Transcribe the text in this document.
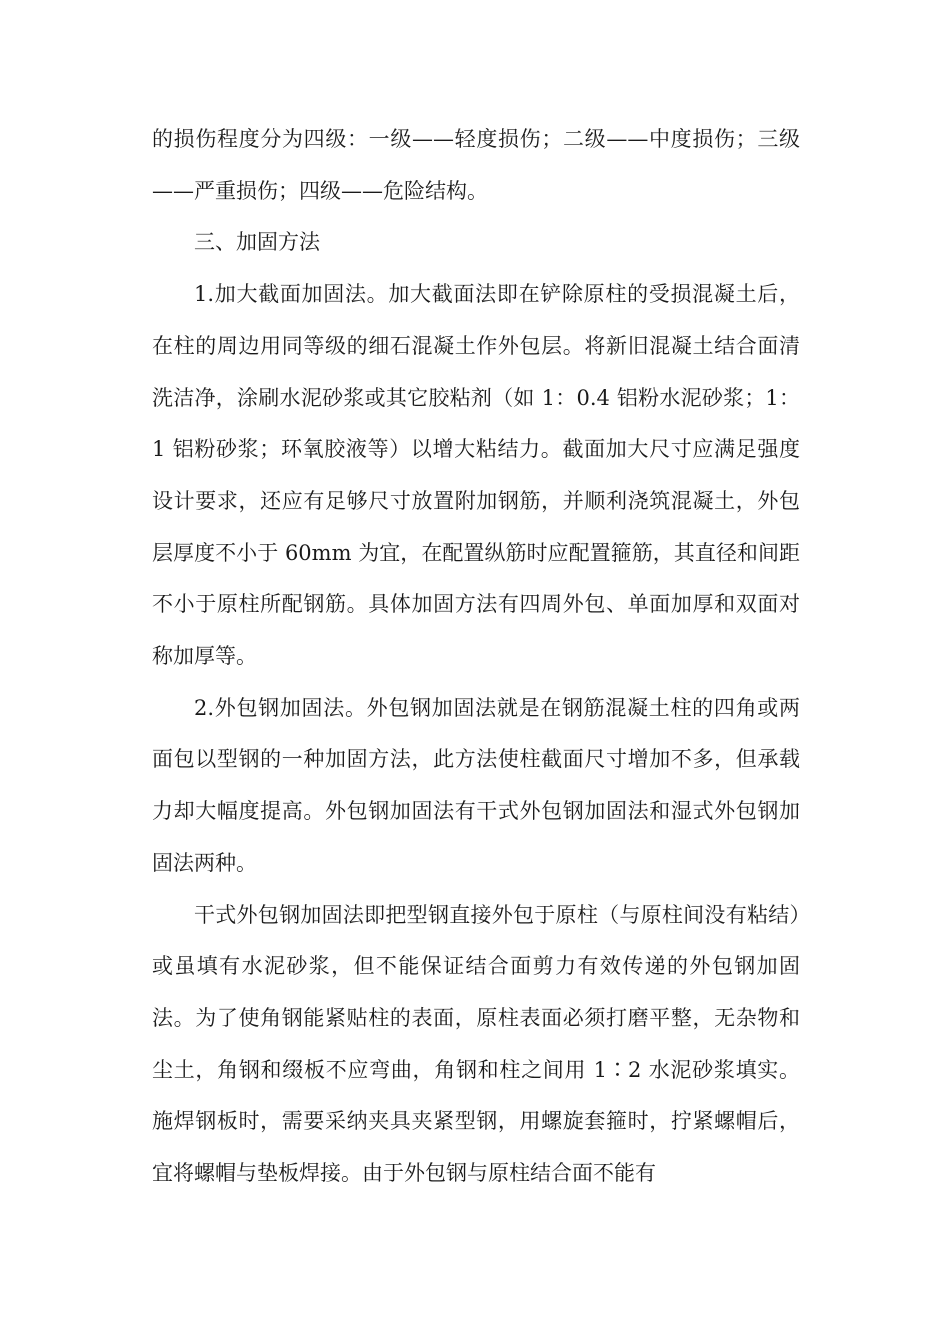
的损伤程度分为四级：一级——轻度损伤；二级——中度损伤；三级——严重损伤；四级——危险结构。

三、加固方法

1.加大截面加固法。加大截面法即在铲除原柱的受损混凝土后，在柱的周边用同等级的细石混凝土作外包层。将新旧混凝土结合面清洗洁净，涂刷水泥砂浆或其它胶粘剂（如 1：0.4 铝粉水泥砂浆；1：1 铝粉砂浆；环氧胶液等）以增大粘结力。截面加大尺寸应满足强度设计要求，还应有足够尺寸放置附加钢筋，并顺利浇筑混凝土，外包层厚度不小于 60mm 为宜，在配置纵筋时应配置箍筋，其直径和间距不小于原柱所配钢筋。具体加固方法有四周外包、单面加厚和双面对称加厚等。

2.外包钢加固法。外包钢加固法就是在钢筋混凝土柱的四角或两面包以型钢的一种加固方法，此方法使柱截面尺寸增加不多，但承载力却大幅度提高。外包钢加固法有干式外包钢加固法和湿式外包钢加固法两种。

干式外包钢加固法即把型钢直接外包于原柱（与原柱间没有粘结）或虽填有水泥砂浆，但不能保证结合面剪力有效传递的外包钢加固法。为了使角钢能紧贴柱的表面，原柱表面必须打磨平整，无杂物和尘土，角钢和缀板不应弯曲，角钢和柱之间用 1∶2 水泥砂浆填实。施焊钢板时，需要采纳夹具夹紧型钢，用螺旋套箍时，拧紧螺帽后，宜将螺帽与垫板焊接。由于外包钢与原柱结合面不能有
